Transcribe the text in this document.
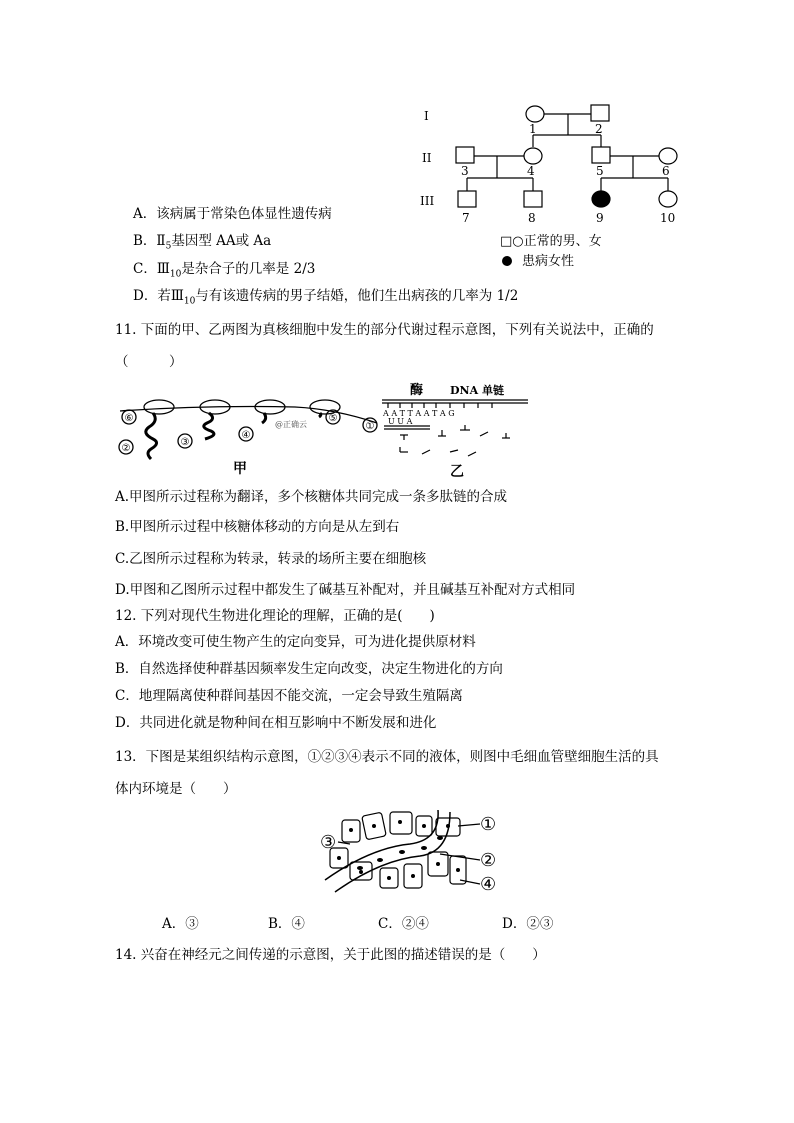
I
II
III
1	2
3	4	5	6
7	8	9	10
□○正常的男、女
患病女性
A．该病属于常染色体显性遗传病
B．$Ⅱ_5$基因型 AA或 Aa
C．$Ⅲ_{10}$是杂合子的几率是 2/3
D．若$Ⅲ_{10}$与有该遗传病的男子结婚，他们生出病孩的几率为 1/2
11. 下面的甲、乙两图为真核细胞中发生的部分代谢过程示意图，下列有关说法中，正确的
（　　　）
⑥
②
③
④
⑤
①
@正确云
甲
酶 DNA 单链
A A T T A A T A G
U U A
乙
A.甲图所示过程称为翻译，多个核糖体共同完成一条多肽链的合成
B.甲图所示过程中核糖体移动的方向是从左到右
C.乙图所示过程称为转录，转录的场所主要在细胞核
D.甲图和乙图所示过程中都发生了碱基互补配对，并且碱基互补配对方式相同
12. 下列对现代生物进化理论的理解，正确的是(　　)
A．环境改变可使生物产生的定向变异，可为进化提供原材料
B．自然选择使种群基因频率发生定向改变，决定生物进化的方向
C．地理隔离使种群间基因不能交流，一定会导致生殖隔离
D．共同进化就是物种间在相互影响中不断发展和进化
13．下图是某组织结构示意图，①②③④表示不同的液体，则图中毛细血管壁细胞生活的具
体内环境是（　　）
①
②
③
④
A．③	B．④	C．②④	D．②③
14. 兴奋在神经元之间传递的示意图，关于此图的描述错误的是（　　）
